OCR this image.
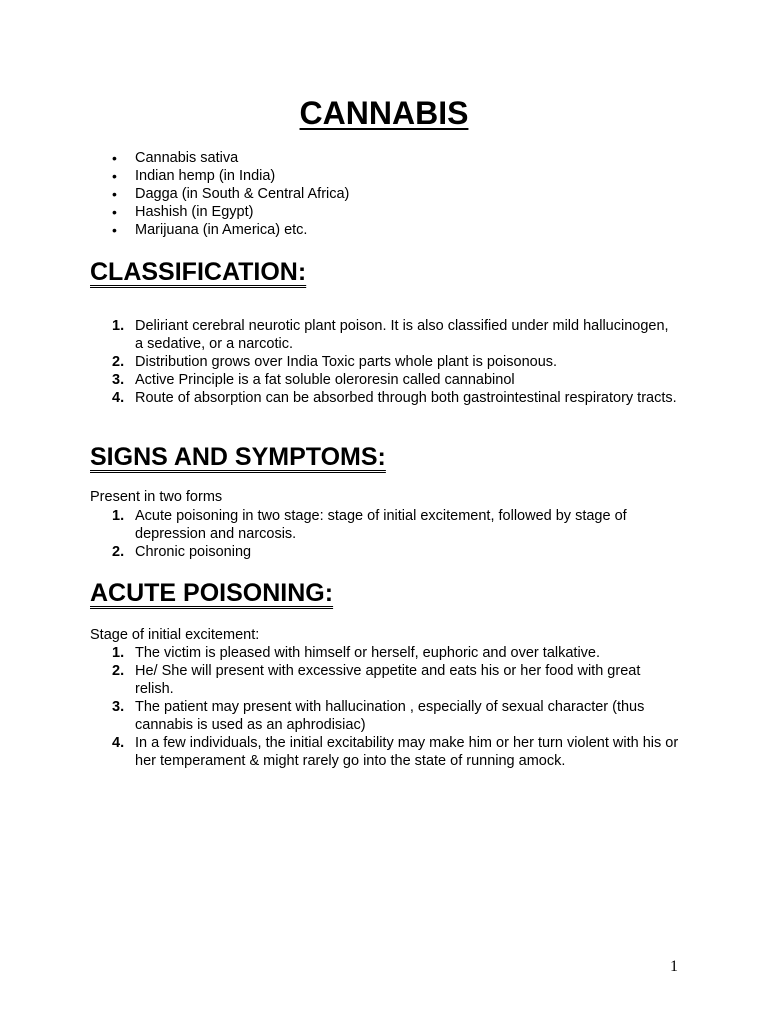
CANNABIS
• Cannabis sativa
• Indian hemp (in India)
• Dagga (in South & Central Africa)
• Hashish (in Egypt)
• Marijuana (in America) etc.
CLASSIFICATION:
1. Deliriant cerebral neurotic plant poison. It is also classified under mild hallucinogen, a sedative, or a narcotic.
2. Distribution grows over India Toxic parts whole plant is poisonous.
3. Active Principle is a fat soluble oleroresin called cannabinol
4. Route of absorption can be absorbed through both gastrointestinal respiratory tracts.
SIGNS AND SYMPTOMS:

Present in two forms

1. Acute poisoning in two stage: stage of initial excitement, followed by stage of depression and narcosis.
2. Chronic poisoning
ACUTE POISONING:

Stage of initial excitement:

1. The victim is pleased with himself or herself, euphoric and over talkative.
2. He/ She will present with excessive appetite and eats his or her food with great relish.
3. The patient may present with hallucination , especially of sexual character (thus cannabis is used as an aphrodisiac)
4. In a few individuals, the initial excitability may make him or her turn violent with his or her temperament & might rarely go into the state of running amock.
1
